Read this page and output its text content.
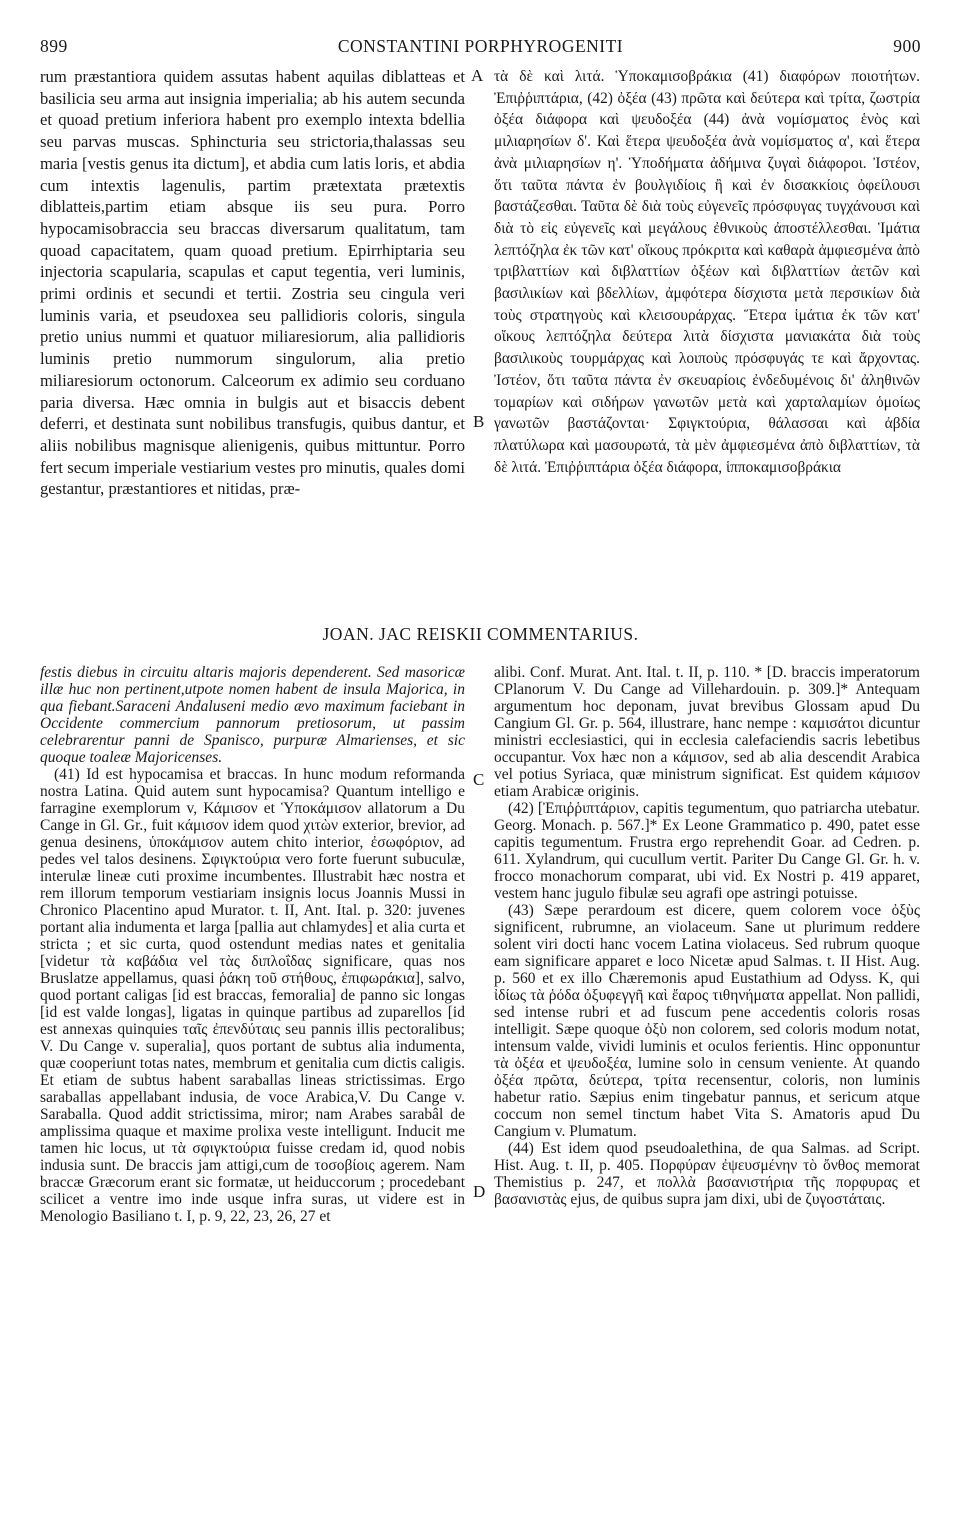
899	CONSTANTINI PORPHYROGENITI	900

rum præstantiora quidem assutas habent aquilas diblatteas et basilicia seu arma aut insignia imperialia; ab his autem secunda et quoad pretium inferiora habent pro exemplo intexta bdellia seu parvas muscas. Sphincturia seu strictoria,thalassas seu maria [vestis genus ita dictum], et abdia cum latis loris, et abdia cum intextis lagenulis, partim prætextata prætextis diblatteis,partim etiam absque iis seu pura. Porro hypocamisobraccia seu braccas diversarum qualitatum, tam quoad capacitatem, quam quoad pretium. Epirrhiptaria seu injectoria scapularia, scapulas et caput tegentia, veri luminis, primi ordinis et secundi et tertii. Zostria seu cingula veri luminis varia, et pseudoxea seu pallidioris coloris, singula pretio unius nummi et quatuor miliaresiorum, alia pallidioris luminis pretio nummorum singulorum, alia pretio miliaresiorum octonorum. Calceorum ex adimio seu corduano paria diversa. Hæc omnia in bulgis aut et bisaccis debent deferri, et destinata sunt nobilibus transfugis, quibus dantur, et aliis nobilibus magnisque alienigenis, quibus mittuntur. Porro fert secum imperiale vestiarium vestes pro minutis, quales domi gestantur, præstantiores et nitidas, præ-

τὰ δὲ καὶ λιτά. Ὑποκαμισοβράκια (41) διαφόρων ποιοτήτων. Ἐπιῤῥιπτάρια, (42) ὀξέα (43) πρῶτα καὶ δεύτερα καὶ τρίτα, ζωστρία ὀξέα διάφορα καὶ ψευδοξέα (44) ἀνὰ νομίσματος ἑνὸς καὶ μιλιαρησίων δ'. Καὶ ἕτερα ψευδοξέα ἀνὰ νομίσματος α', καὶ ἕτερα ἀνὰ μιλιαρησίων η'. Ὑποδήματα ἀδήμινα ζυγαὶ διάφοροι. Ἰστέον, ὅτι ταῦτα πάντα ἐν βουλγιδίοις ἢ καὶ ἐν δισακκίοις ὀφείλουσι βαστάζεσθαι. Ταῦτα δὲ διὰ τοὺς εὐγενεῖς πρόσφυγας τυγχάνουσι καὶ διὰ τὸ εἰς εὐγενεῖς καὶ μεγάλους ἐθνικοὺς ἀποστέλλεσθαι. Ἱμάτια λεπτόζηλα ἐκ τῶν κατ' οἴκους πρόκριτα καὶ καθαρὰ ἀμφιεσμένα ἀπὸ τριβλαττίων καὶ διβλαττίων ὀξέων καὶ διβλαττίων ἀετῶν καὶ βασιλικίων καὶ βδελλίων, ἀμφότερα δίσχιστα μετὰ περσικίων διὰ τοὺς στρατηγοὺς καὶ κλεισουράρχας. Ἕτερα ἱμάτια ἐκ τῶν κατ' οἴκους λεπτόζηλα δεύτερα λιτὰ δίσχιστα μανιακάτα διὰ τοὺς βασιλικοὺς τουρμάρχας καὶ λοιποὺς πρόσφυγάς τε καὶ ἄρχοντας. Ἰστέον, ὅτι ταῦτα πάντα ἐν σκευαρίοις ἐνδεδυμένοις δι' ἀληθινῶν τομαρίων καὶ σιδήρων γανωτῶν μετὰ καὶ χαρταλαμίων ὁμοίως γανωτῶν βαστάζονται· Σφιγκτούρια, θάλασσαι καὶ ἀβδία πλατύλωρα καὶ μασουρωτά, τὰ μὲν ἀμφιεσμένα ἀπὸ διβλαττίων, τὰ δὲ λιτά. Ἐπιῤῥιπτάρια ὀξέα διάφορα, ἱπποκαμισοβράκια

A
B
JOAN. JAC REISKII COMMENTARIUS.

festis diebus in circuitu altaris majoris dependerent. Sed masoricæ illæ huc non pertinent,utpote nomen habent de insula Majorica, in qua fiebant.Saraceni Andaluseni medio ævo maximum faciebant in Occidente commercium pannorum pretiosorum, ut passim celebrarentur panni de Spanisco, purpuræ Almarienses, et sic quoque toaleæ Majoricenses.

(41) Id est hypocamisa et braccas. In hunc modum reformanda nostra Latina. Quid autem sunt hypocamisa? Quantum intelligo e farragine exemplorum v, Κάμισον et Ὑποκάμισον allatorum a Du Cange in Gl. Gr., fuit κάμισον idem quod χιτὼν exterior, brevior, ad genua desinens, ὑποκάμισον autem chito interior, ἐσωφόριον, ad pedes vel talos desinens. Σφιγκτούρια vero forte fuerunt subuculæ, interulæ lineæ cuti proxime incumbentes. Illustrabit hæc nostra et rem illorum temporum vestiariam insignis locus Joannis Mussi in Chronico Placentino apud Murator. t. II, Ant. Ital. p. 320: juvenes portant alia indumenta et larga [pallia aut chlamydes] et alia curta et stricta ; et sic curta, quod ostendunt medias nates et genitalia [videtur τὰ καβάδια vel τὰς διπλοΐδας significare, quas nos Bruslatze appellamus, quasi ῥάκη τοῦ στήθους, ἐπιφωράκια], salvo, quod portant caligas [id est braccas, femoralia] de panno sic longas [id est valde longas], ligatas in quinque partibus ad zuparellos [id est annexas quinquies ταῖς ἐπενδύταις seu pannis illis pectoralibus; V. Du Cange v. superalia], quos portant de subtus alia indumenta, quæ cooperiunt totas nates, membrum et genitalia cum dictis caligis. Et etiam de subtus habent saraballas lineas strictissimas. Ergo saraballas appellabant indusia, de voce Arabica,V. Du Cange v. Saraballa. Quod addit strictissima, miror; nam Arabes sarabâl de amplissima quaque et maxime prolixa veste intelligunt. Inducit me tamen hic locus, ut τὰ σφιγκτούρια fuisse credam id, quod nobis indusia sunt. De braccis jam attigi,cum de τοσοβίοις agerem. Nam braccæ Græcorum erant sic formatæ, ut heiduccorum ; procedebant scilicet a ventre imo inde usque infra suras, ut videre est in Menologio Basiliano t. I, p. 9, 22, 23, 26, 27 et

alibi. Conf. Murat. Ant. Ital. t. II, p. 110. * [D. braccis imperatorum CPlanorum V. Du Cange ad Villehardouin. p. 309.]* Antequam argumentum hoc deponam, juvat brevibus Glossam apud Du Cangium Gl. Gr. p. 564, illustrare, hanc nempe : καμισάτοι dicuntur ministri ecclesiastici, qui in ecclesia calefaciendis sacris lebetibus occupantur. Vox hæc non a κάμισον, sed ab alia descendit Arabica vel potius Syriaca, quæ ministrum significat. Est quidem κάμισον etiam Arabicæ originis.

(42) [Ἐπιῤῥιπτάριον, capitis tegumentum, quo patriarcha utebatur. Georg. Monach. p. 567.]* Ex Leone Grammatico p. 490, patet esse capitis tegumentum. Frustra ergo reprehendit Goar. ad Cedren. p. 611. Xylandrum, qui cucullum vertit. Pariter Du Cange Gl. Gr. h. v. frocco monachorum comparat, ubi vid. Ex Nostri p. 419 apparet, vestem hanc jugulo fibulæ seu agrafi ope astringi potuisse.

(43) Sæpe perardoum est dicere, quem colorem voce ὀξὺς significent, rubrumne, an violaceum. Sane ut plurimum reddere solent viri docti hanc vocem Latina violaceus. Sed rubrum quoque eam significare apparet e loco Nicetæ apud Salmas. t. II Hist. Aug. p. 560 et ex illo Chæremonis apud Eustathium ad Odyss. K, qui ἰδίως τὰ ῥόδα ὀξυφεγγῆ καὶ ἔαρος τιθηνήματα appellat. Non pallidi, sed intense rubri et ad fuscum pene accedentis coloris rosas intelligit. Sæpe quoque ὀξὺ non colorem, sed coloris modum notat, intensum valde, vividi luminis et oculos ferientis. Hinc opponuntur τὰ ὀξέα et ψευδοξέα, lumine solo in censum veniente. At quando ὀξέα πρῶτα, δεύτερα, τρίτα recensentur, coloris, non luminis habetur ratio. Sæpius enim tingebatur pannus, et sericum atque coccum non semel tinctum habet Vita S. Amatoris apud Du Cangium v. Plumatum.

(44) Est idem quod pseudoalethina, de qua Salmas. ad Script. Hist. Aug. t. II, p. 405. Πορφύραν ἐψευσμένην τὸ ὄνθος memorat Themistius p. 247, et πολλὰ βασανιστήρια τῆς πορφυρας et βασανιστὰς ejus, de quibus supra jam dixi, ubi de ζυγοστάταις.

C
D
